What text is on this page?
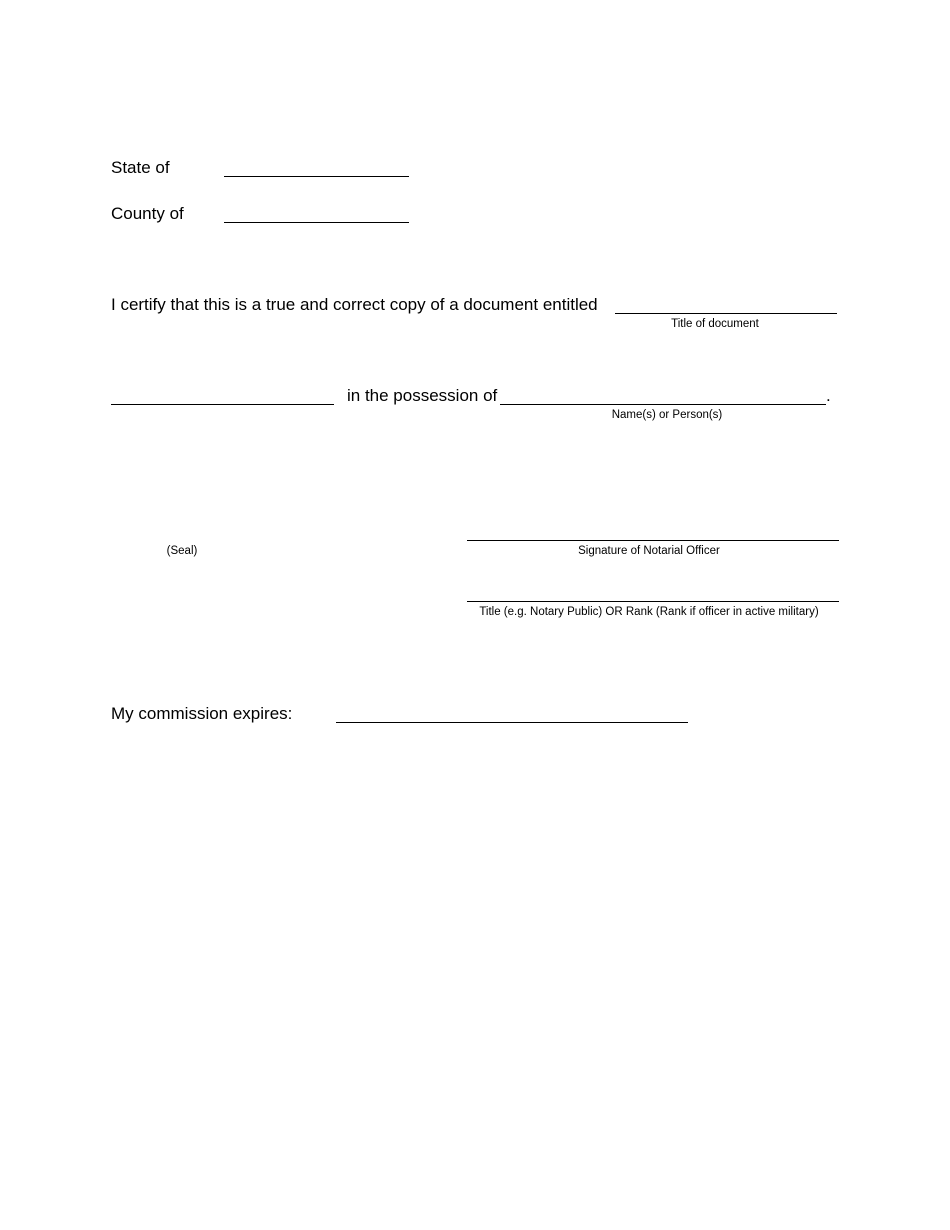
State of
County of
I certify that this is a true and correct copy of a document entitled
Title of document
in the possession of	.
Name(s) or Person(s)
(Seal)	Signature of Notarial Officer
Title (e.g. Notary Public) OR Rank (Rank if officer in active military)
My commission expires:
